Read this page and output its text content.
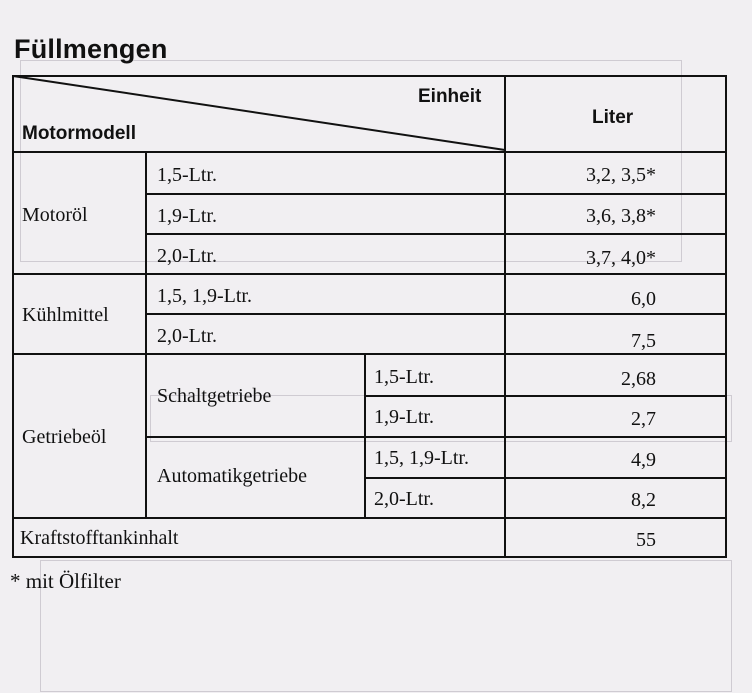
Füllmengen
Einheit
Motormodell
Liter
Motoröl
1,5-Ltr.	3,2, 3,5*
1,9-Ltr.	3,6, 3,8*
2,0-Ltr.	3,7, 4,0*
Kühlmittel
1,5, 1,9-Ltr.	6,0
2,0-Ltr.	7,5
Getriebeöl
Schaltgetriebe
1,5-Ltr.	2,68
1,9-Ltr.	2,7
Automatikgetriebe
1,5, 1,9-Ltr.	4,9
2,0-Ltr.	8,2
Kraftstofftankinhalt	55
* mit Ölfilter
